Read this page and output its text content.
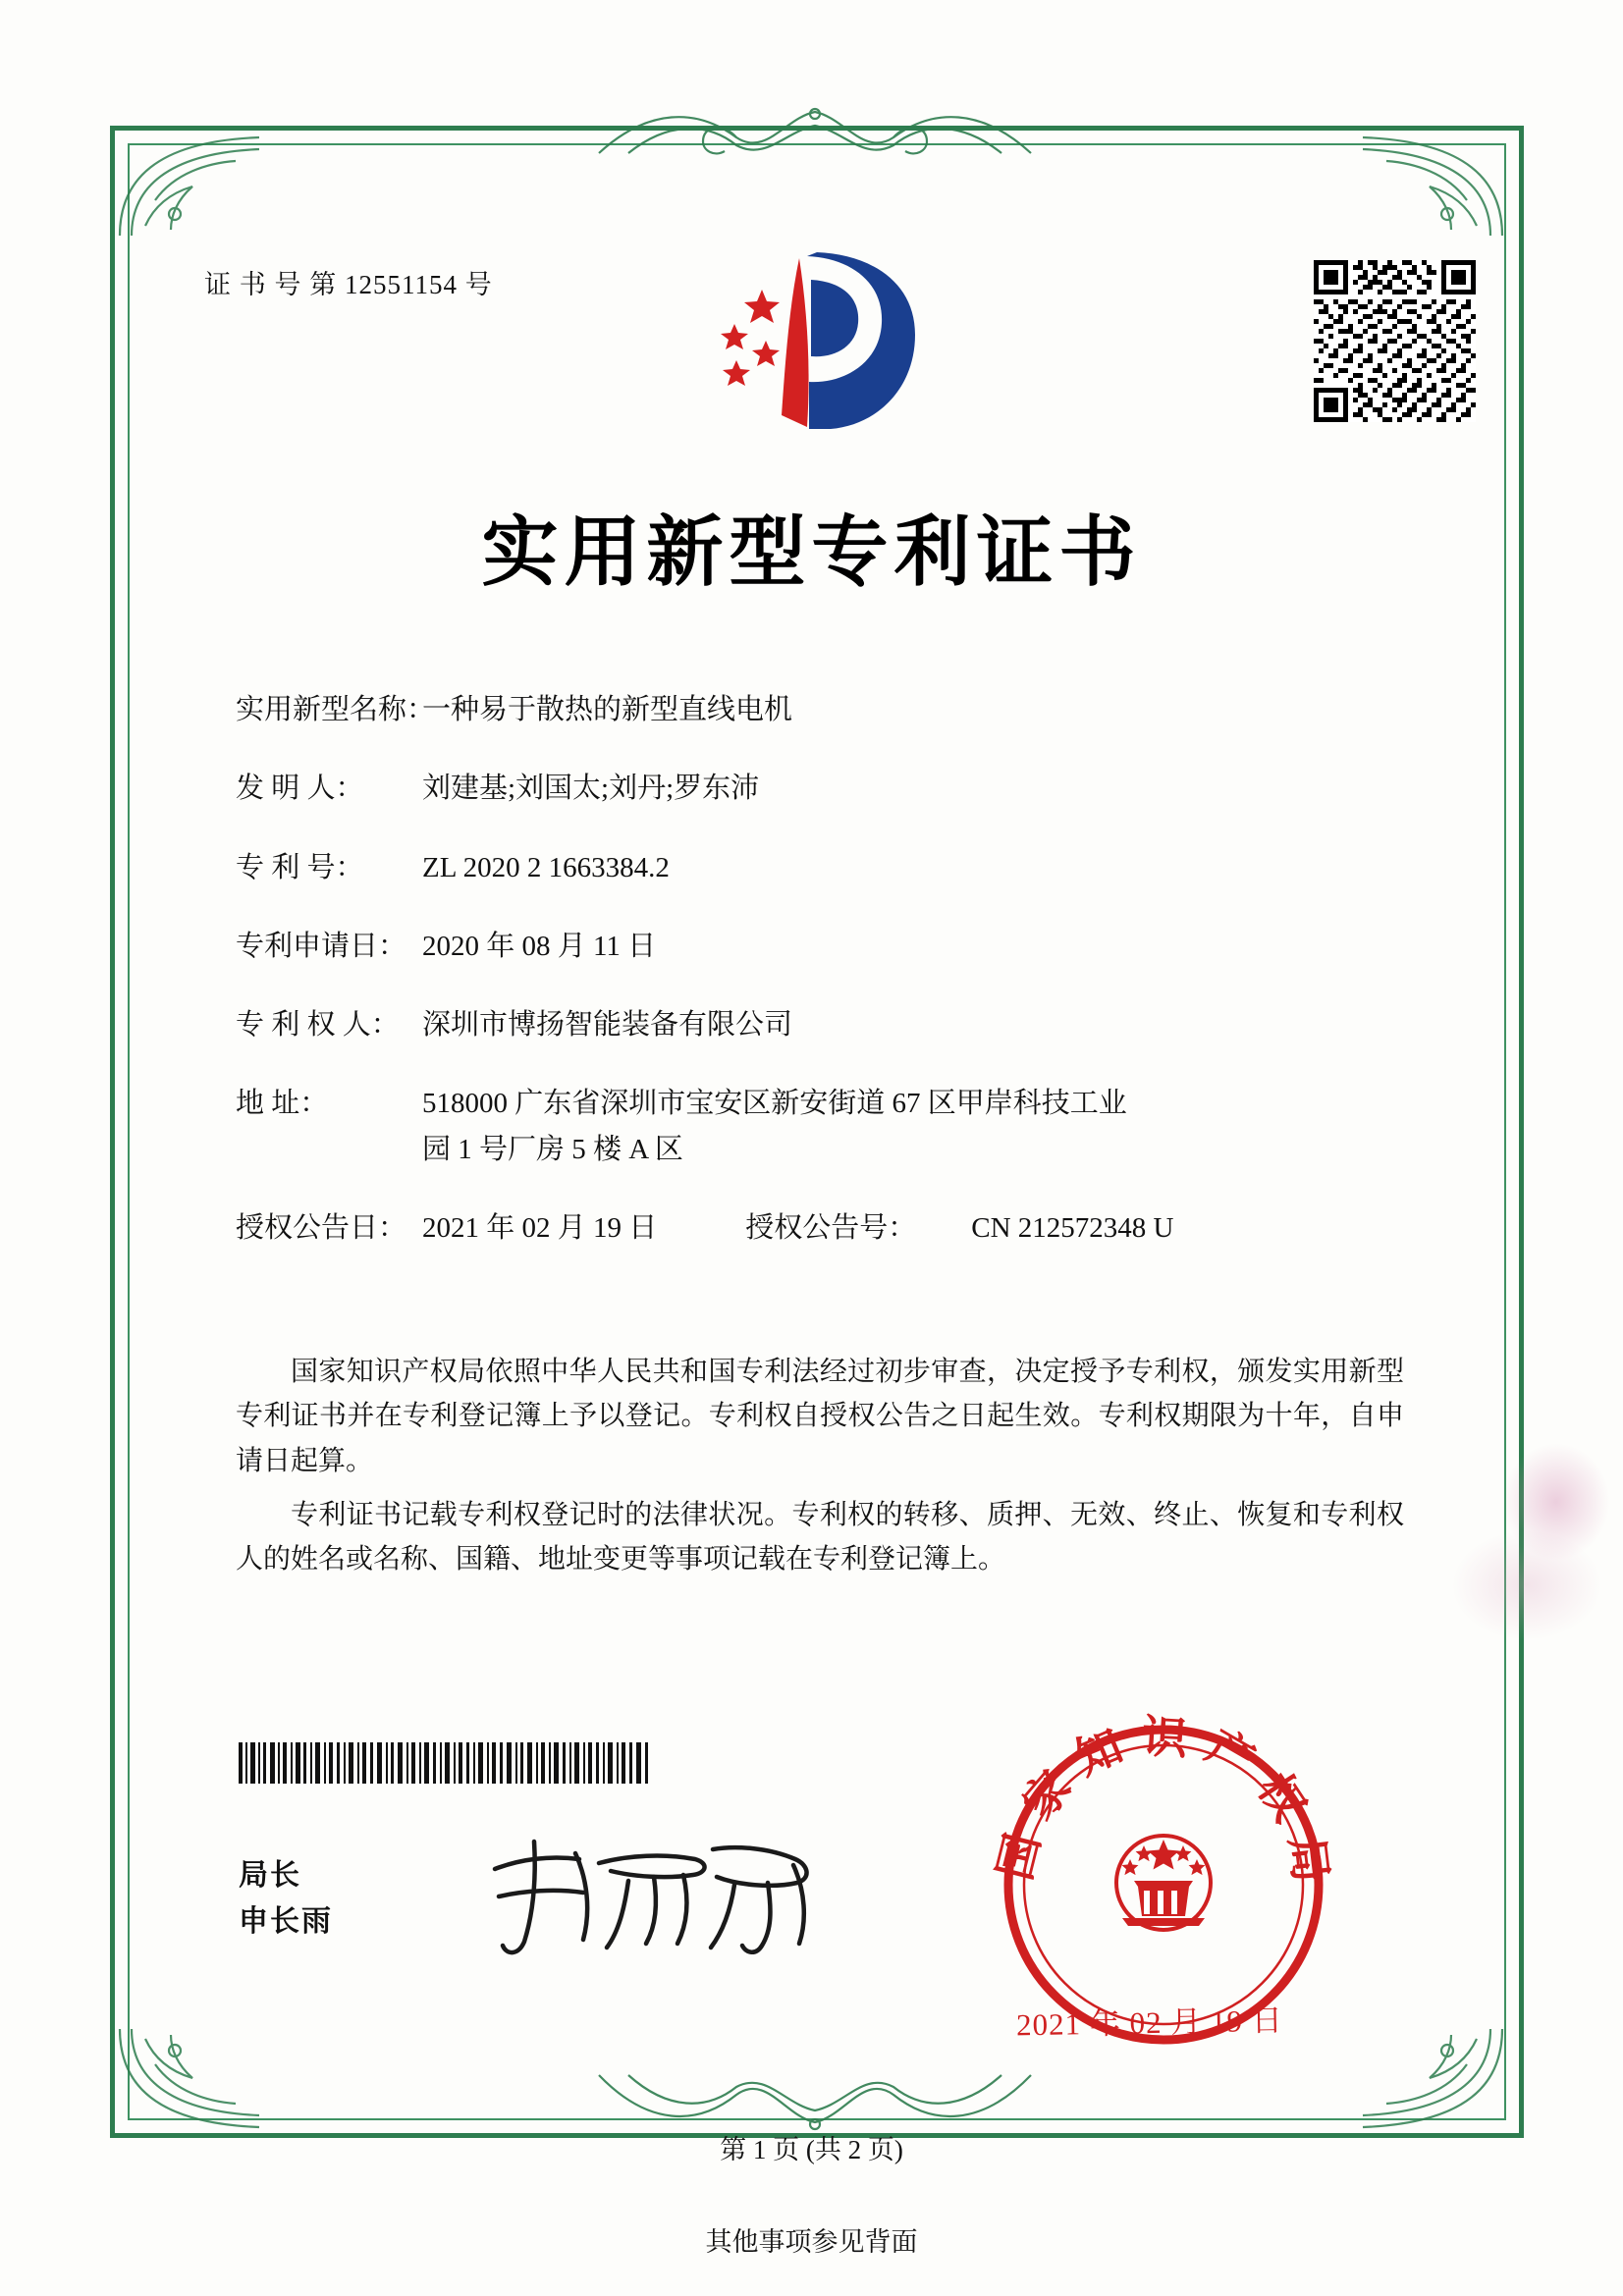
证 书 号 第 12551154 号
实用新型专利证书
实用新型名称：
一种易于散热的新型直线电机
发 明 人：	刘建基;刘国太;刘丹;罗东沛
专 利 号：	ZL 2020 2 1663384.2
专利申请日： 2020 年 08 月 11 日
专 利 权 人： 深圳市博扬智能装备有限公司
地 址：	518000 广东省深圳市宝安区新安街道 67 区甲岸科技工业
园 1 号厂房 5 楼 A 区
授权公告日： 2021 年 02 月 19 日	授权公告号：	CN 212572348 U

国家知识产权局依照中华人民共和国专利法经过初步审查，决定授予专利权，颁发实用新型专利证书并在专利登记簿上予以登记。专利权自授权公告之日起生效。专利权期限为十年，自申请日起算。

专利证书记载专利权登记时的法律状况。专利权的转移、质押、无效、终止、恢复和专利权人的姓名或名称、国籍、地址变更等事项记载在专利登记簿上。

局长
申长雨
国家知识产权局
2021 年 02 月 19 日
第 1 页 (共 2 页)
其他事项参见背面
